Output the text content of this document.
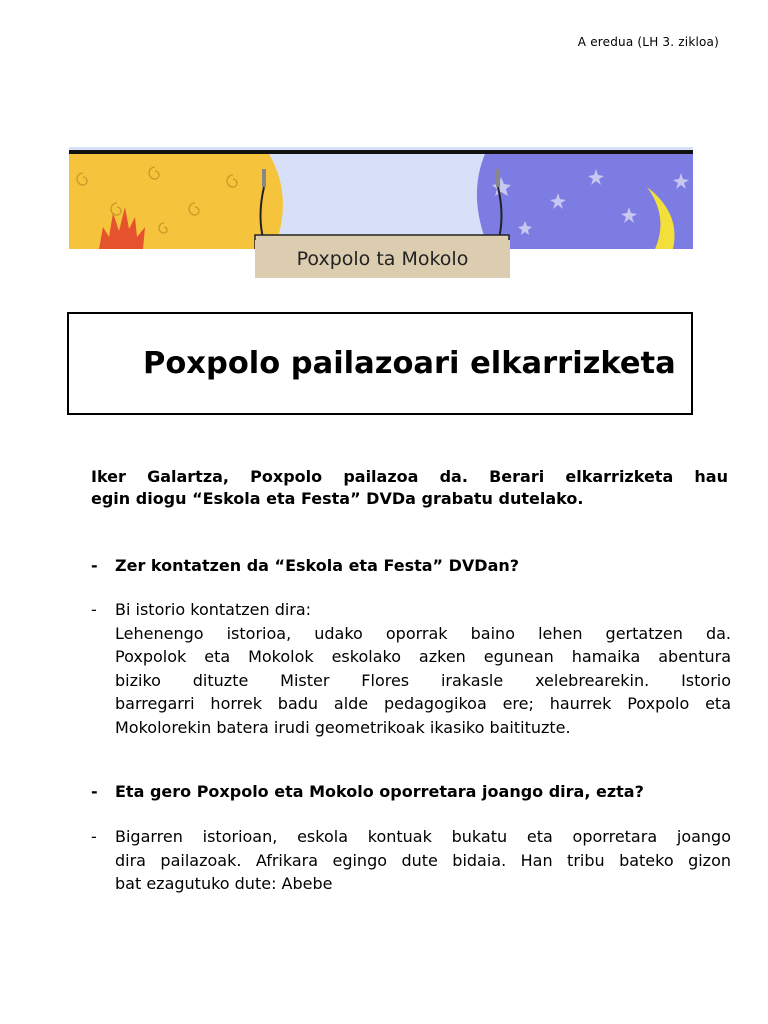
A eredua (LH 3. zikloa)
Poxpolo ta Mokolo
Poxpolo pailazoari elkarrizketa
Iker Galartza, Poxpolo pailazoa da. Berari elkarrizketa hau
egin diogu “Eskola eta Festa” DVDa grabatu dutelako.
-	Zer kontatzen da “Eskola eta Festa” DVDan?
-	Bi istorio kontatzen dira:
Lehenengo istorioa, udako oporrak baino lehen gertatzen da.
Poxpolok eta Mokolok eskolako azken egunean hamaika abentura
biziko dituzte Mister Flores irakasle xelebrearekin. Istorio
barregarri horrek badu alde pedagogikoa ere; haurrek Poxpolo eta
Mokolorekin batera irudi geometrikoak ikasiko baitituzte.
-	Eta gero Poxpolo eta Mokolo oporretara joango dira, ezta?
-	Bigarren istorioan, eskola kontuak bukatu eta oporretara joango
dira pailazoak. Afrikara egingo dute bidaia. Han tribu bateko gizon
bat ezagutuko dute: Abebe
